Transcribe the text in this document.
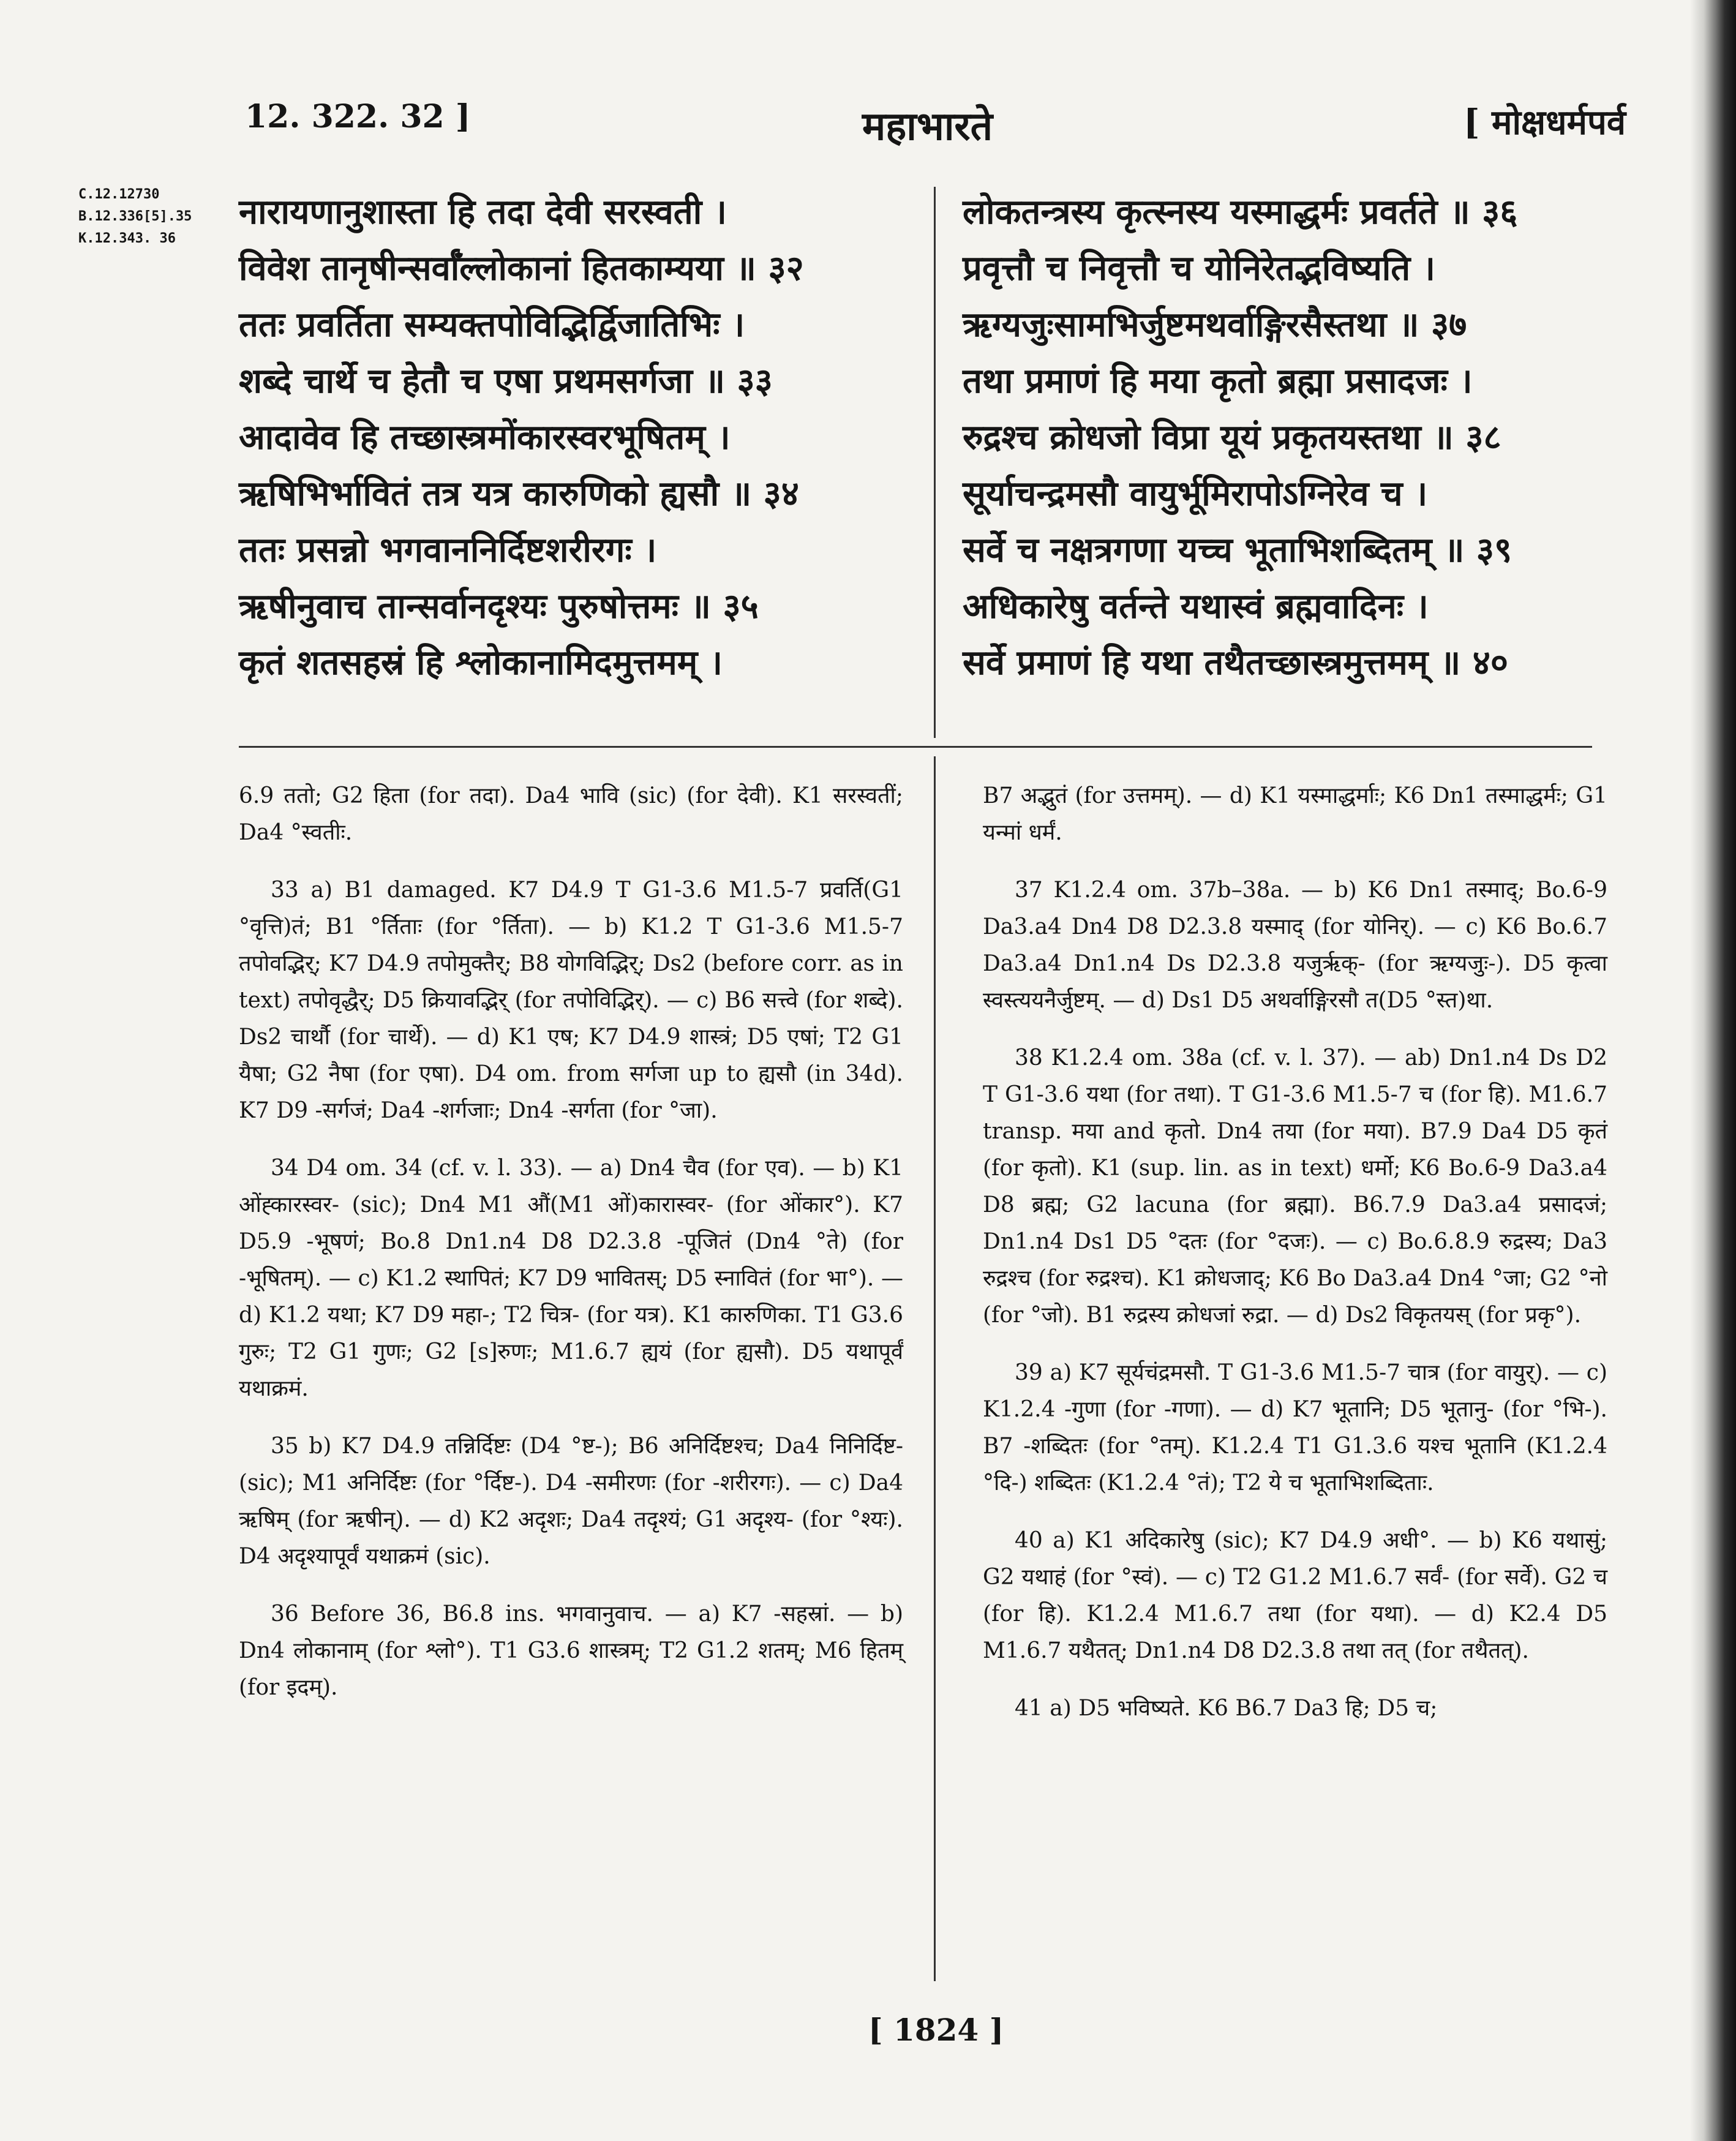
12. 322. 32 ]	महाभारते	[ मोक्षधर्मपर्व
C.12.12730
B.12.336[5].35
K.12.343. 36
नारायणानुशास्ता हि तदा देवी सरस्वती ।
विवेश तानृषीन्सर्वाँल्लोकानां हितकाम्यया ॥ ३२
ततः प्रवर्तिता सम्यक्तपोविद्भिर्द्विजातिभिः ।
शब्दे चार्थे च हेतौ च एषा प्रथमसर्गजा ॥ ३३
आदावेव हि तच्छास्त्रमोंकारस्वरभूषितम् ।
ऋषिभिर्भावितं तत्र यत्र कारुणिको ह्यसौ ॥ ३४
ततः प्रसन्नो भगवाननिर्दिष्टशरीरगः ।
ऋषीनुवाच तान्सर्वानदृश्यः पुरुषोत्तमः ॥ ३५
कृतं शतसहस्रं हि श्लोकानामिदमुत्तमम् ।
लोकतन्त्रस्य कृत्स्नस्य यस्माद्धर्मः प्रवर्तते ॥ ३६
प्रवृत्तौ च निवृत्तौ च योनिरेतद्भविष्यति ।
ऋग्यजुःसामभिर्जुष्टमथर्वाङ्गिरसैस्तथा ॥ ३७
तथा प्रमाणं हि मया कृतो ब्रह्मा प्रसादजः ।
रुद्रश्च क्रोधजो विप्रा यूयं प्रकृतयस्तथा ॥ ३८
सूर्याचन्द्रमसौ वायुर्भूमिरापोऽग्निरेव च ।
सर्वे च नक्षत्रगणा यच्च भूताभिशब्दितम् ॥ ३९
अधिकारेषु वर्तन्ते यथास्वं ब्रह्मवादिनः ।
सर्वे प्रमाणं हि यथा तथैतच्छास्त्रमुत्तमम् ॥ ४०

6.9 ततो; G2 हिता (for तदा). Da4 भावि (sic) (for देवी). K1 सरस्वतीं; Da4 °स्वतीः.

33 a) B1 damaged. K7 D4.9 T G1-3.6 M1.5-7 प्रवर्ति(G1 °वृत्ति)तं; B1 °र्तिताः (for °र्तिता). — b) K1.2 T G1-3.6 M1.5-7 तपोवद्भिर्; K7 D4.9 तपोमुक्तैर्; B8 योगविद्भिर्; Ds2 (before corr. as in text) तपोवृद्धैर्; D5 क्रियावद्भिर् (for तपोविद्भिर्). — c) B6 सत्त्वे (for शब्दे). Ds2 चार्थौ (for चार्थे). — d) K1 एष; K7 D4.9 शास्त्रं; D5 एषां; T2 G1 यैषा; G2 नैषा (for एषा). D4 om. from सर्गजा up to ह्यसौ (in 34d). K7 D9 -सर्गजं; Da4 -शर्गजाः; Dn4 -सर्गता (for °जा).

34 D4 om. 34 (cf. v. l. 33). — a) Dn4 चैव (for एव). — b) K1 ओंह्कारस्वर- (sic); Dn4 M1 औं(M1 ओं)कारास्वर- (for ओंकार°). K7 D5.9 -भूषणं; Bo.8 Dn1.n4 D8 D2.3.8 -पूजितं (Dn4 °ते) (for -भूषितम्). — c) K1.2 स्थापितं; K7 D9 भावितस्; D5 स्नावितं (for भा°). — d) K1.2 यथा; K7 D9 महा-; T2 चित्र- (for यत्र). K1 कारुणिका. T1 G3.6 गुरुः; T2 G1 गुणः; G2 [s]रुणः; M1.6.7 ह्ययं (for ह्यसौ). D5 यथापूर्वं यथाक्रमं.

35 b) K7 D4.9 तन्निर्दिष्टः (D4 °ष्ट-); B6 अनिर्दिष्टश्च; Da4 निनिर्दिष्ट- (sic); M1 अनिर्दिष्टः (for °र्दिष्ट-). D4 -समीरणः (for -शरीरगः). — c) Da4 ऋषिम् (for ऋषीन्). — d) K2 अदृशः; Da4 तदृश्यं; G1 अदृश्य- (for °श्यः). D4 अदृश्यापूर्वं यथाक्रमं (sic).

36 Before 36, B6.8 ins. भगवानुवाच. — a) K7 -सहस्रां. — b) Dn4 लोकानाम् (for श्लो°). T1 G3.6 शास्त्रम्; T2 G1.2 शतम्; M6 हितम् (for इदम्).

B7 अद्भुतं (for उत्तमम्). — d) K1 यस्माद्धर्माः; K6 Dn1 तस्माद्धर्मः; G1 यन्मां धर्मं.

37 K1.2.4 om. 37b–38a. — b) K6 Dn1 तस्माद्; Bo.6-9 Da3.a4 Dn4 D8 D2.3.8 यस्माद् (for योनिर्). — c) K6 Bo.6.7 Da3.a4 Dn1.n4 Ds D2.3.8 यजुर्ऋक्- (for ऋग्यजुः-). D5 कृत्वा स्वस्त्ययनैर्जुष्टम्. — d) Ds1 D5 अथर्वाङ्गिरसौ त(D5 °स्त)था.

38 K1.2.4 om. 38a (cf. v. l. 37). — ab) Dn1.n4 Ds D2 T G1-3.6 यथा (for तथा). T G1-3.6 M1.5-7 च (for हि). M1.6.7 transp. मया and कृतो. Dn4 तया (for मया). B7.9 Da4 D5 कृतं (for कृतो). K1 (sup. lin. as in text) धर्मो; K6 Bo.6-9 Da3.a4 D8 ब्रह्म; G2 lacuna (for ब्रह्मा). B6.7.9 Da3.a4 प्रसादजं; Dn1.n4 Ds1 D5 °दतः (for °दजः). — c) Bo.6.8.9 रुद्रस्य; Da3 रुद्रश्च (for रुद्रश्च). K1 क्रोधजाद्; K6 Bo Da3.a4 Dn4 °जा; G2 °नो (for °जो). B1 रुद्रस्य क्रोधजां रुद्रा. — d) Ds2 विकृतयस् (for प्रकृ°).

39 a) K7 सूर्यचंद्रमसौ. T G1-3.6 M1.5-7 चात्र (for वायुर्). — c) K1.2.4 -गुणा (for -गणा). — d) K7 भूतानि; D5 भूतानु- (for °भि-). B7 -शब्दितः (for °तम्). K1.2.4 T1 G1.3.6 यश्च भूतानि (K1.2.4 °दि-) शब्दितः (K1.2.4 °तं); T2 ये च भूताभिशब्दिताः.

40 a) K1 अदिकारेषु (sic); K7 D4.9 अधी°. — b) K6 यथासुं; G2 यथाहं (for °स्वं). — c) T2 G1.2 M1.6.7 सर्वं- (for सर्वे). G2 च (for हि). K1.2.4 M1.6.7 तथा (for यथा). — d) K2.4 D5 M1.6.7 यथैतत्; Dn1.n4 D8 D2.3.8 तथा तत् (for तथैतत्).

41 a) D5 भविष्यते. K6 B6.7 Da3 हि; D5 च;

[ 1824 ]
